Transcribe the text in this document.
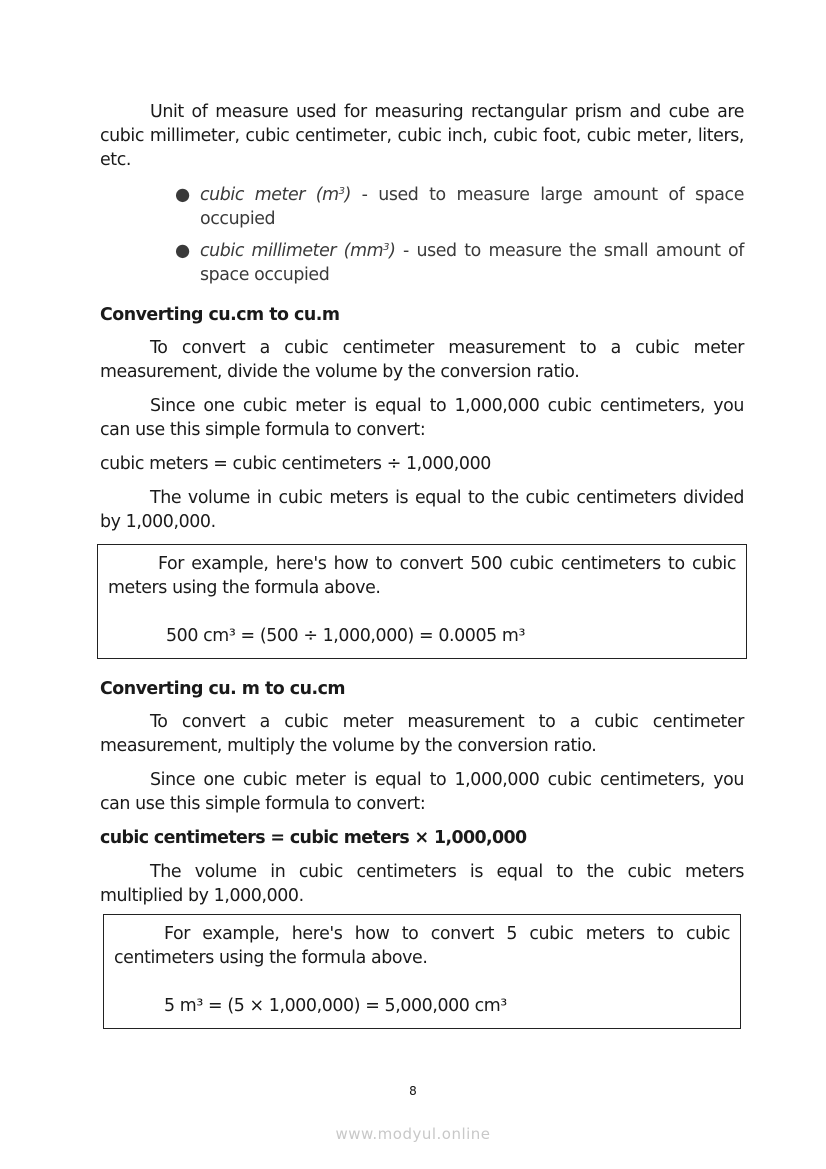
Unit of measure used for measuring rectangular prism and cube are cubic millimeter, cubic centimeter, cubic inch, cubic foot, cubic meter, liters, etc.

● cubic meter $(m^3)$ - used to measure large amount of space occupied
● cubic millimeter $(mm^3)$ - used to measure the small amount of space occupied
Converting cu.cm to cu.m

To convert a cubic centimeter measurement to a cubic meter measurement, divide the volume by the conversion ratio.

Since one cubic meter is equal to 1,000,000 cubic centimeters, you can use this simple formula to convert:

cubic meters = cubic centimeters ÷ 1,000,000

The volume in cubic meters is equal to the cubic centimeters divided by 1,000,000.

For example, here's how to convert 500 cubic centimeters to cubic meters using the formula above.

500 cm³ = (500 ÷ 1,000,000) = 0.0005 m³

Converting cu. m to cu.cm

To convert a cubic meter measurement to a cubic centimeter measurement, multiply the volume by the conversion ratio.

Since one cubic meter is equal to 1,000,000 cubic centimeters, you can use this simple formula to convert:

cubic centimeters = cubic meters × 1,000,000

The volume in cubic centimeters is equal to the cubic meters multiplied by 1,000,000.

For example, here's how to convert 5 cubic meters to cubic centimeters using the formula above.

5 m³ = (5 × 1,000,000) = 5,000,000 cm³

8
www.modyul.online
